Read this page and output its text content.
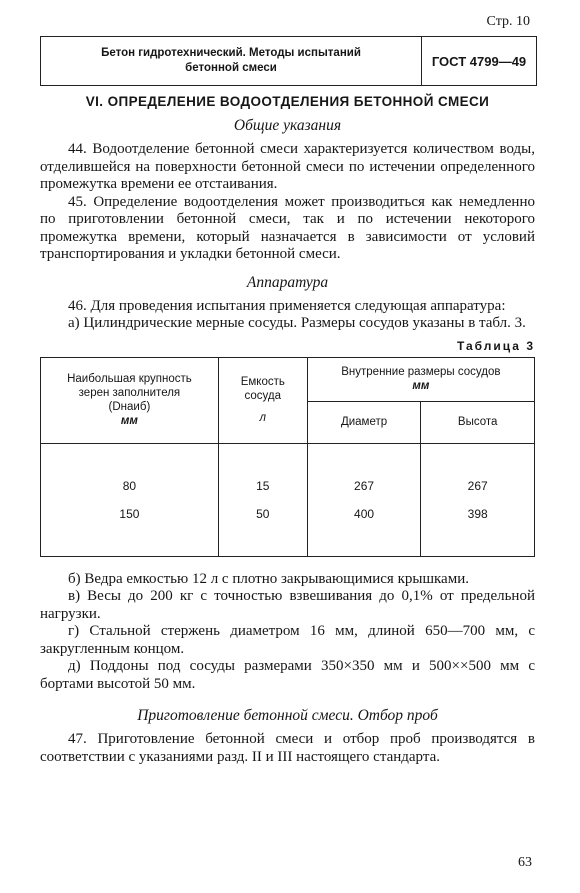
Стр. 10
Бетон гидротехнический. Методы испытаний
бетонной смеси	ГОСТ 4799—49
VI. ОПРЕДЕЛЕНИЕ ВОДООТДЕЛЕНИЯ БЕТОННОЙ СМЕСИ
Общие указания

44. Водоотделение бетонной смеси характеризуется количеством воды, отделившейся на поверхности бетонной смеси по истечении определенного промежутка времени ее отстаивания.

45. Определение водоотделения может производиться как немедленно по приготовлении бетонной смеси, так и по истечении некоторого промежутка времени, который назначается в зависимости от условий транспортирования и укладки бетонной смеси.

Аппаратура

46. Для проведения испытания применяется следующая аппаратура:

а) Цилиндрические мерные сосуды. Размеры сосудов указаны в табл. 3.

Таблица 3
Наибольшая крупность
зерен заполнителя
(Dнаиб)
мм	Емкость
сосуда
л	Внутренние размеры сосудов
мм	

		Диаметр	Высота

80	15	267	267
150	50	400	398

б) Ведра емкостью 12 л с плотно закрывающимися крышками.

в) Весы до 200 кг с точностью взвешивания до 0,1% от предельной нагрузки.

г) Стальной стержень диаметром 16 мм, длиной 650—700 мм, с закругленным концом.

д) Поддоны под сосуды размерами 350×350 мм и 500××500 мм с бортами высотой 50 мм.

Приготовление бетонной смеси. Отбор проб

47. Приготовление бетонной смеси и отбор проб производятся в соответствии с указаниями разд. II и III настоящего стандарта.

63
